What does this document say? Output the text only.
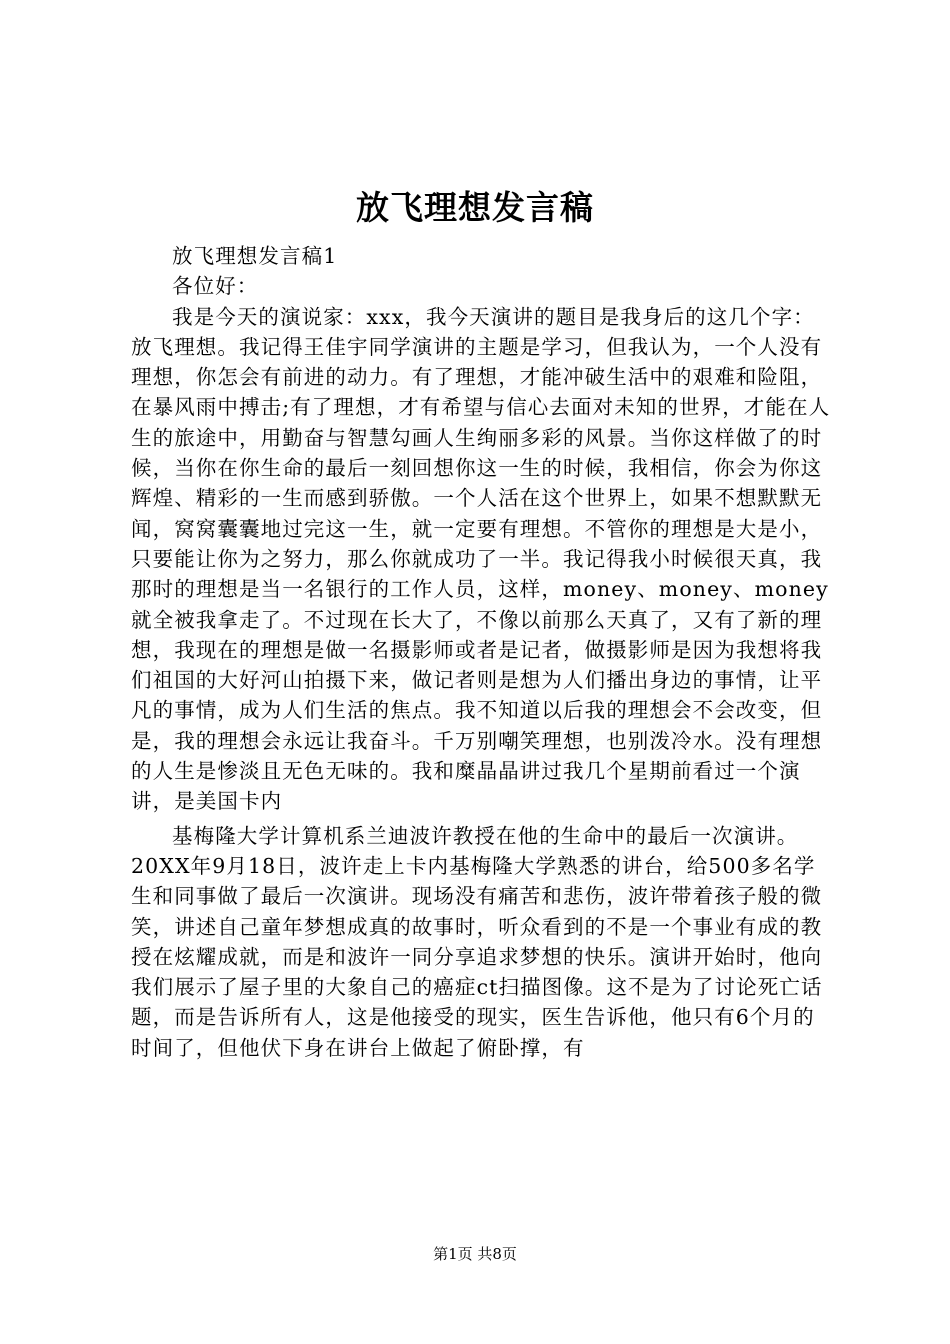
放飞理想发言稿

放飞理想发言稿1

各位好：

我是今天的演说家：xxx，我今天演讲的题目是我身后的这几个字：放飞理想。我记得王佳宇同学演讲的主题是学习，但我认为，一个人没有理想，你怎会有前进的动力。有了理想，才能冲破生活中的艰难和险阻，在暴风雨中搏击;有了理想，才有希望与信心去面对未知的世界，才能在人生的旅途中，用勤奋与智慧勾画人生绚丽多彩的风景。当你这样做了的时候，当你在你生命的最后一刻回想你这一生的时候，我相信，你会为你这辉煌、精彩的一生而感到骄傲。一个人活在这个世界上，如果不想默默无闻，窝窝囊囊地过完这一生，就一定要有理想。不管你的理想是大是小，只要能让你为之努力，那么你就成功了一半。我记得我小时候很天真，我那时的理想是当一名银行的工作人员，这样，money、money、money就全被我拿走了。不过现在长大了，不像以前那么天真了，又有了新的理想，我现在的理想是做一名摄影师或者是记者，做摄影师是因为我想将我们祖国的大好河山拍摄下来，做记者则是想为人们播出身边的事情，让平凡的事情，成为人们生活的焦点。我不知道以后我的理想会不会改变，但是，我的理想会永远让我奋斗。千万别嘲笑理想，也别泼冷水。没有理想的人生是惨淡且无色无味的。我和糜晶晶讲过我几个星期前看过一个演讲，是美国卡内

基梅隆大学计算机系兰迪波许教授在他的生命中的最后一次演讲。20XX年9月18日，波许走上卡内基梅隆大学熟悉的讲台，给500多名学生和同事做了最后一次演讲。现场没有痛苦和悲伤，波许带着孩子般的微笑，讲述自己童年梦想成真的故事时，听众看到的不是一个事业有成的教授在炫耀成就，而是和波许一同分享追求梦想的快乐。演讲开始时，他向我们展示了屋子里的大象自己的癌症ct扫描图像。这不是为了讨论死亡话题，而是告诉所有人，这是他接受的现实，医生告诉他，他只有6个月的时间了，但他伏下身在讲台上做起了俯卧撑，有

第1页 共8页
